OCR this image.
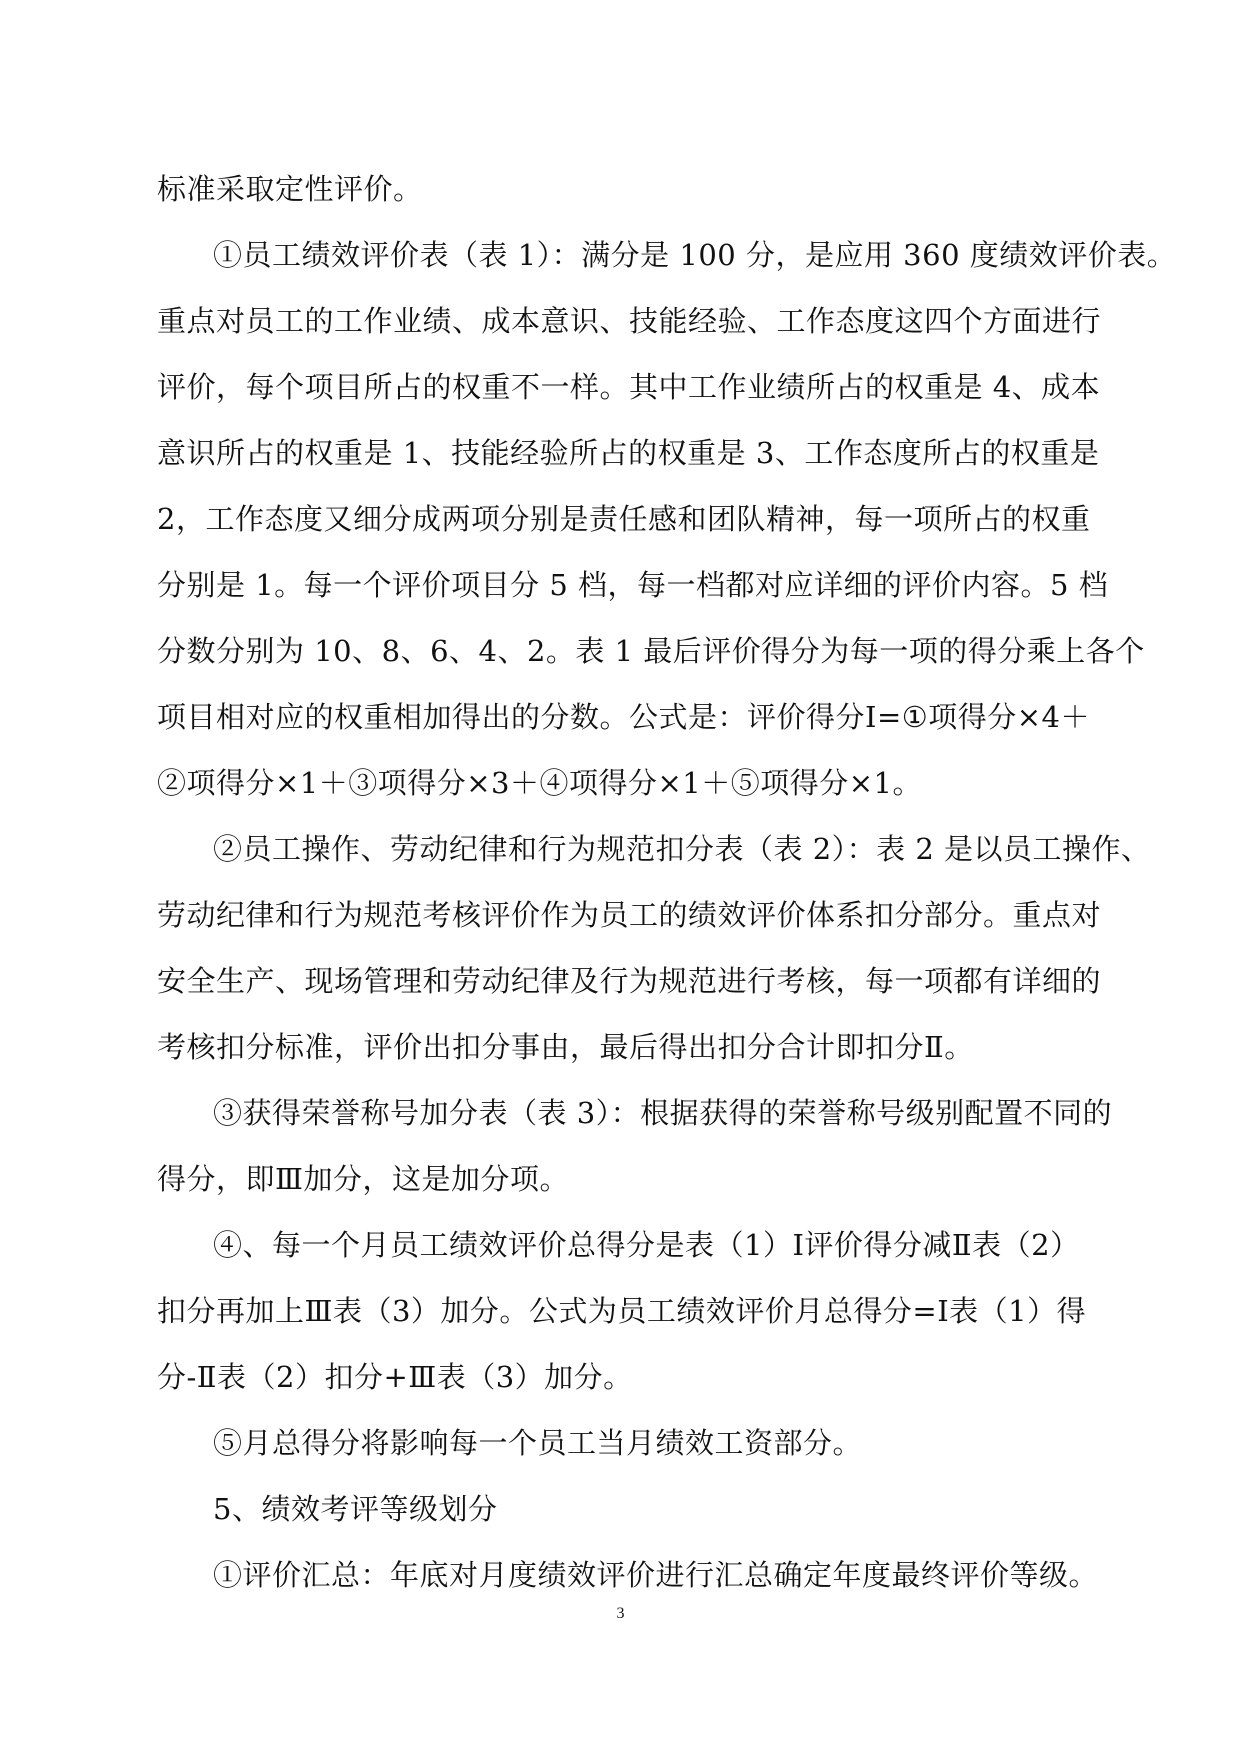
标准采取定性评价。
①员工绩效评价表（表 1）：满分是 100 分，是应用 360 度绩效评价表。
重点对员工的工作业绩、成本意识、技能经验、工作态度这四个方面进行
评价，每个项目所占的权重不一样。其中工作业绩所占的权重是 4、成本
意识所占的权重是 1、技能经验所占的权重是 3、工作态度所占的权重是
2，工作态度又细分成两项分别是责任感和团队精神，每一项所占的权重
分别是 1。每一个评价项目分 5 档，每一档都对应详细的评价内容。5 档
分数分别为 10、8、6、4、2。表 1 最后评价得分为每一项的得分乘上各个
项目相对应的权重相加得出的分数。公式是：评价得分Ⅰ=①项得分×4＋
②项得分×1＋③项得分×3＋④项得分×1＋⑤项得分×1。
②员工操作、劳动纪律和行为规范扣分表（表 2）：表 2 是以员工操作、
劳动纪律和行为规范考核评价作为员工的绩效评价体系扣分部分。重点对
安全生产、现场管理和劳动纪律及行为规范进行考核，每一项都有详细的
考核扣分标准，评价出扣分事由，最后得出扣分合计即扣分Ⅱ。
③获得荣誉称号加分表（表 3）：根据获得的荣誉称号级别配置不同的
得分，即Ⅲ加分，这是加分项。
④、每一个月员工绩效评价总得分是表（1）Ⅰ评价得分减Ⅱ表（2）
扣分再加上Ⅲ表（3）加分。公式为员工绩效评价月总得分=Ⅰ表（1）得
分-Ⅱ表（2）扣分+Ⅲ表（3）加分。
⑤月总得分将影响每一个员工当月绩效工资部分。
5、绩效考评等级划分
①评价汇总：年底对月度绩效评价进行汇总确定年度最终评价等级。
3
